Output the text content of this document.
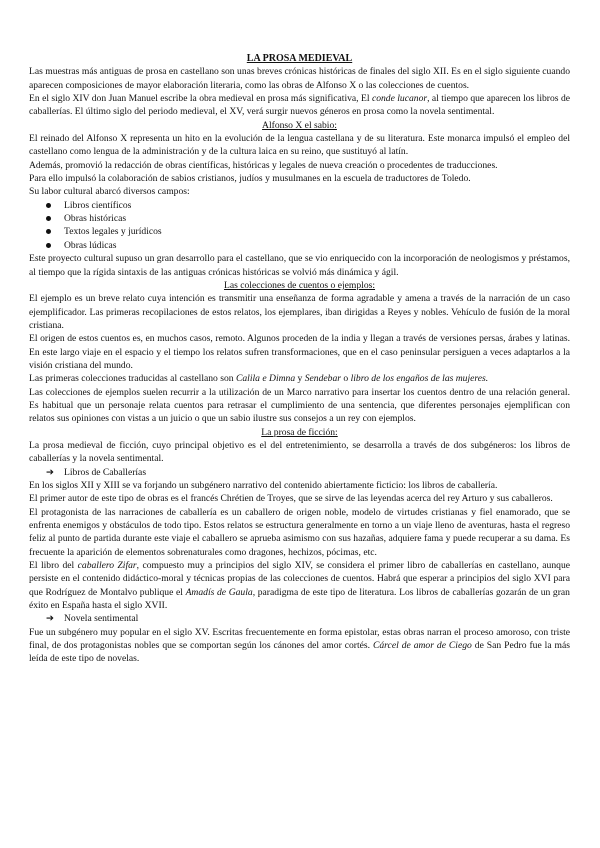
LA PROSA MEDIEVAL

Las muestras más antiguas de prosa en castellano son unas breves crónicas históricas de finales del siglo XII. Es en el siglo siguiente cuando aparecen composiciones de mayor elaboración literaria, como las obras de Alfonso X o las colecciones de cuentos.

En el siglo XIV don Juan Manuel escribe la obra medieval en prosa más significativa, El conde lucanor, al tiempo que aparecen los libros de caballerías. El último siglo del periodo medieval, el XV, verá surgir nuevos géneros en prosa como la novela sentimental.

Alfonso X el sabio:

El reinado del Alfonso X representa un hito en la evolución de la lengua castellana y de su literatura. Este monarca impulsó el empleo del castellano como lengua de la administración y de la cultura laica en su reino, que sustituyó al latín.

Además, promovió la redacción de obras científicas, históricas y legales de nueva creación o procedentes de traducciones.

Para ello impulsó la colaboración de sabios cristianos, judíos y musulmanes en la escuela de traductores de Toledo.

Su labor cultural abarcó diversos campos:

Libros científicos
Obras históricas
Textos legales y jurídicos
Obras lúdicas

Este proyecto cultural supuso un gran desarrollo para el castellano, que se vio enriquecido con la incorporación de neologismos y préstamos, al tiempo que la rígida sintaxis de las antiguas crónicas históricas se volvió más dinámica y ágil.

Las colecciones de cuentos o ejemplos:

El ejemplo es un breve relato cuya intención es transmitir una enseñanza de forma agradable y amena a través de la narración de un caso ejemplificador. Las primeras recopilaciones de estos relatos, los ejemplares, iban dirigidas a Reyes y nobles. Vehículo de fusión de la moral cristiana.

El origen de estos cuentos es, en muchos casos, remoto. Algunos proceden de la india y llegan a través de versiones persas, árabes y latinas. En este largo viaje en el espacio y el tiempo los relatos sufren transformaciones, que en el caso peninsular persiguen a veces adaptarlos a la visión cristiana del mundo.

Las primeras colecciones traducidas al castellano son Calila e Dimna y Sendebar o libro de los engaños de las mujeres.

Las colecciones de ejemplos suelen recurrir a la utilización de un Marco narrativo para insertar los cuentos dentro de una relación general. Es habitual que un personaje relata cuentos para retrasar el cumplimiento de una sentencia, que diferentes personajes ejemplifican con relatos sus opiniones con vistas a un juicio o que un sabio ilustre sus consejos a un rey con ejemplos.

La prosa de ficción:

La prosa medieval de ficción, cuyo principal objetivo es el del entretenimiento, se desarrolla a través de dos subgéneros: los libros de caballerías y la novela sentimental.

➔ Libros de Caballerías

En los siglos XII y XIII se va forjando un subgénero narrativo del contenido abiertamente ficticio: los libros de caballería.

El primer autor de este tipo de obras es el francés Chrétien de Troyes, que se sirve de las leyendas acerca del rey Arturo y sus caballeros.

El protagonista de las narraciones de caballería es un caballero de origen noble, modelo de virtudes cristianas y fiel enamorado, que se enfrenta enemigos y obstáculos de todo tipo. Estos relatos se estructura generalmente en torno a un viaje lleno de aventuras, hasta el regreso feliz al punto de partida durante este viaje el caballero se aprueba asimismo con sus hazañas, adquiere fama y puede recuperar a su dama. Es frecuente la aparición de elementos sobrenaturales como dragones, hechizos, pócimas, etc.

El libro del caballero Zifar, compuesto muy a principios del siglo XIV, se considera el primer libro de caballerías en castellano, aunque persiste en el contenido didáctico-moral y técnicas propias de las colecciones de cuentos. Habrá que esperar a principios del siglo XVI para que Rodríguez de Montalvo publique el Amadís de Gaula, paradigma de este tipo de literatura. Los libros de caballerías gozarán de un gran éxito en España hasta el siglo XVII.

➔ Novela sentimental

Fue un subgénero muy popular en el siglo XV. Escritas frecuentemente en forma epistolar, estas obras narran el proceso amoroso, con triste final, de dos protagonistas nobles que se comportan según los cánones del amor cortés. Cárcel de amor de Ciego de San Pedro fue la más leída de este tipo de novelas.
